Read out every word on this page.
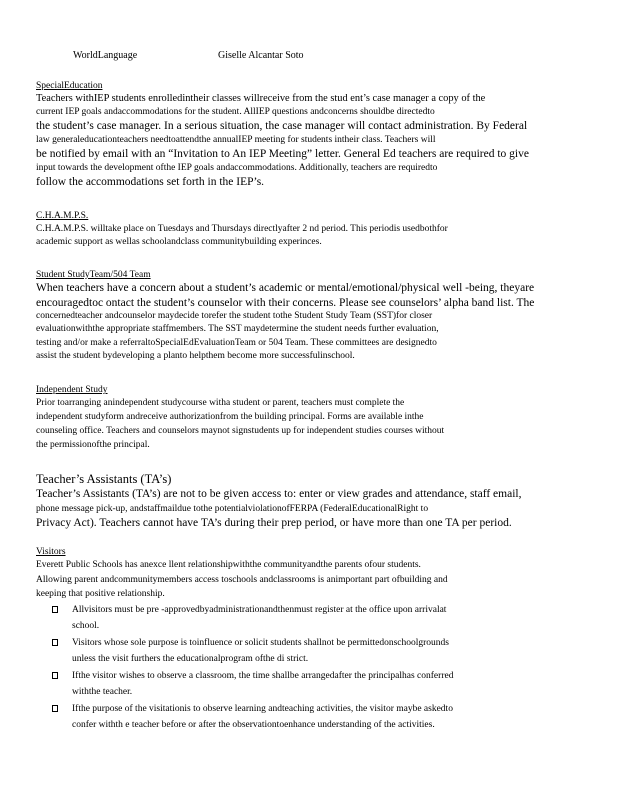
WorldLanguage	Giselle Alcantar Soto

SpecialEducation

Teachers withIEP students enrolledintheir classes willreceive from the stud ent’s case manager a copy of the

current IEP goals andaccommodations for the student. AllIEP questions andconcerns shouldbe directedto

the student’s case manager. In a serious situation, the case manager will contact administration. By Federal

law generaleducationteachers needtoattendthe annualIEP meeting for students intheir class. Teachers will

be notified by email with an “Invitation to An IEP Meeting” letter. General Ed teachers are required to give

input towards the development ofthe IEP goals andaccommodations. Additionally, teachers are requiredto

follow the accommodations set forth in the IEP’s.

C.H.A.M.P.S.

C.H.A.M.P.S. willtake place on Tuesdays and Thursdays directlyafter 2 nd period. This periodis usedbothfor

academic support as wellas schoolandclass communitybuilding experinces.

Student StudyTeam/504 Team

When teachers have a concern about a student’s academic or mental/emotional/physical well -being, theyare

encouragedtoc ontact the student’s counselor with their concerns. Please see counselors’ alpha band list. The

concernedteacher andcounselor maydecide torefer the student tothe Student Study Team (SST)for closer

evaluationwiththe appropriate staffmembers. The SST maydetermine the student needs further evaluation,

testing and/or make a referraltoSpecialEdEvaluationTeam or 504 Team. These committees are designedto

assist the student bydeveloping a planto helpthem become more successfulinschool.

Independent Study

Prior toarranging anindependent studycourse witha student or parent, teachers must complete the

independent studyform andreceive authorizationfrom the building principal. Forms are available inthe

counseling office. Teachers and counselors maynot signstudents up for independent studies courses without

the permissionofthe principal.

Teacher’s Assistants (TA’s)

Teacher’s Assistants (TA’s) are not to be given access to: enter or view grades and attendance, staff email,

phone message pick-up, andstaffmaildue tothe potentialviolationofFERPA (FederalEducationalRight to

Privacy Act). Teachers cannot have TA’s during their prep period, or have more than one TA per period.

Visitors

Everett Public Schools has anexce llent relationshipwiththe communityandthe parents ofour students.

Allowing parent andcommunitymembers access toschools andclassrooms is animportant part ofbuilding and

keeping that positive relationship.

Allvisitors must be pre -approvedbyadministrationandthenmust register at the office upon arrivalat
school.
Visitors whose sole purpose is toinfluence or solicit students shallnot be permittedonschoolgrounds
unless the visit furthers the educationalprogram ofthe di strict.
Ifthe visitor wishes to observe a classroom, the time shallbe arrangedafter the principalhas conferred
withthe teacher.
Ifthe purpose of the visitationis to observe learning andteaching activities, the visitor maybe askedto
confer withth e teacher before or after the observationtoenhance understanding of the activities.
